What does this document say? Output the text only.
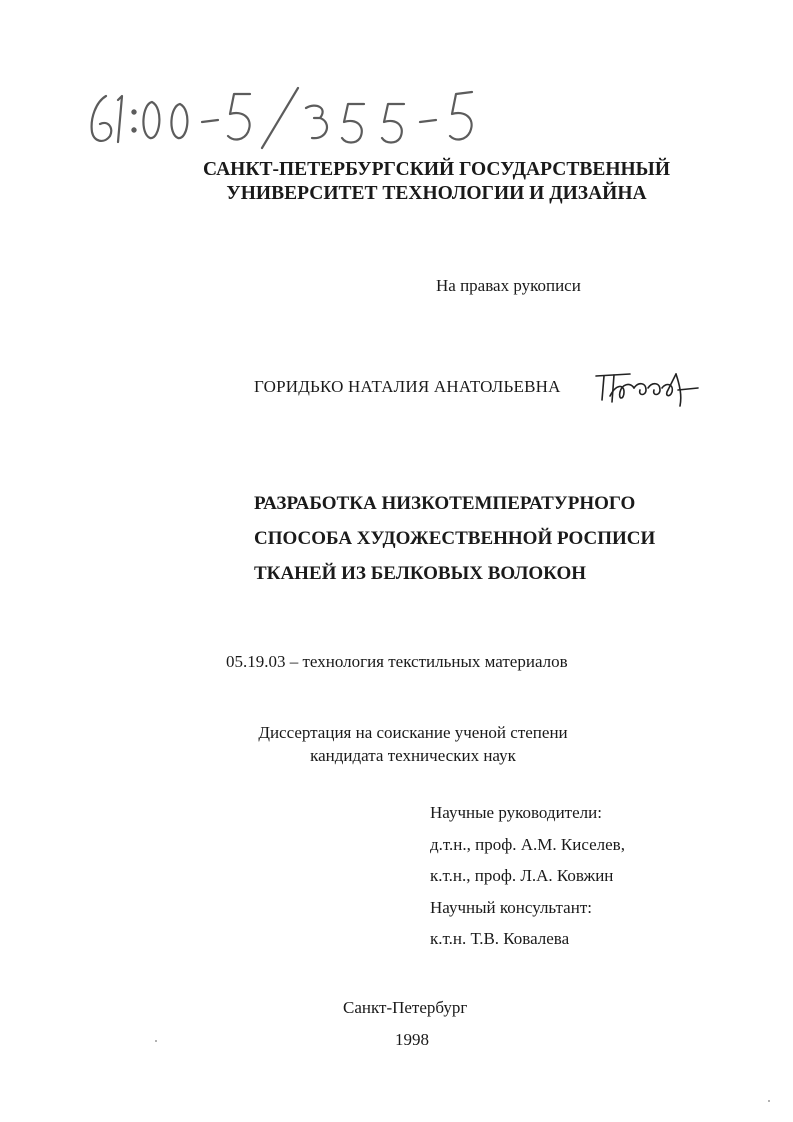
САНКТ-ПЕТЕРБУРГСКИЙ ГОСУДАРСТВЕННЫЙ
УНИВЕРСИТЕТ ТЕХНОЛОГИИ И ДИЗАЙНА
На правах рукописи
ГОРИДЬКО НАТАЛИЯ АНАТОЛЬЕВНА
РАЗРАБОТКА НИЗКОТЕМПЕРАТУРНОГО
СПОСОБА ХУДОЖЕСТВЕННОЙ РОСПИСИ
ТКАНЕЙ ИЗ БЕЛКОВЫХ ВОЛОКОН
05.19.03 – технология текстильных материалов
Диссертация на соискание ученой степени
кандидата технических наук
Научные руководители:
д.т.н., проф. А.М. Киселев,
к.т.н., проф. Л.А. Ковжин
Научный консультант:
к.т.н. Т.В. Ковалева
Санкт-Петербург
1998
